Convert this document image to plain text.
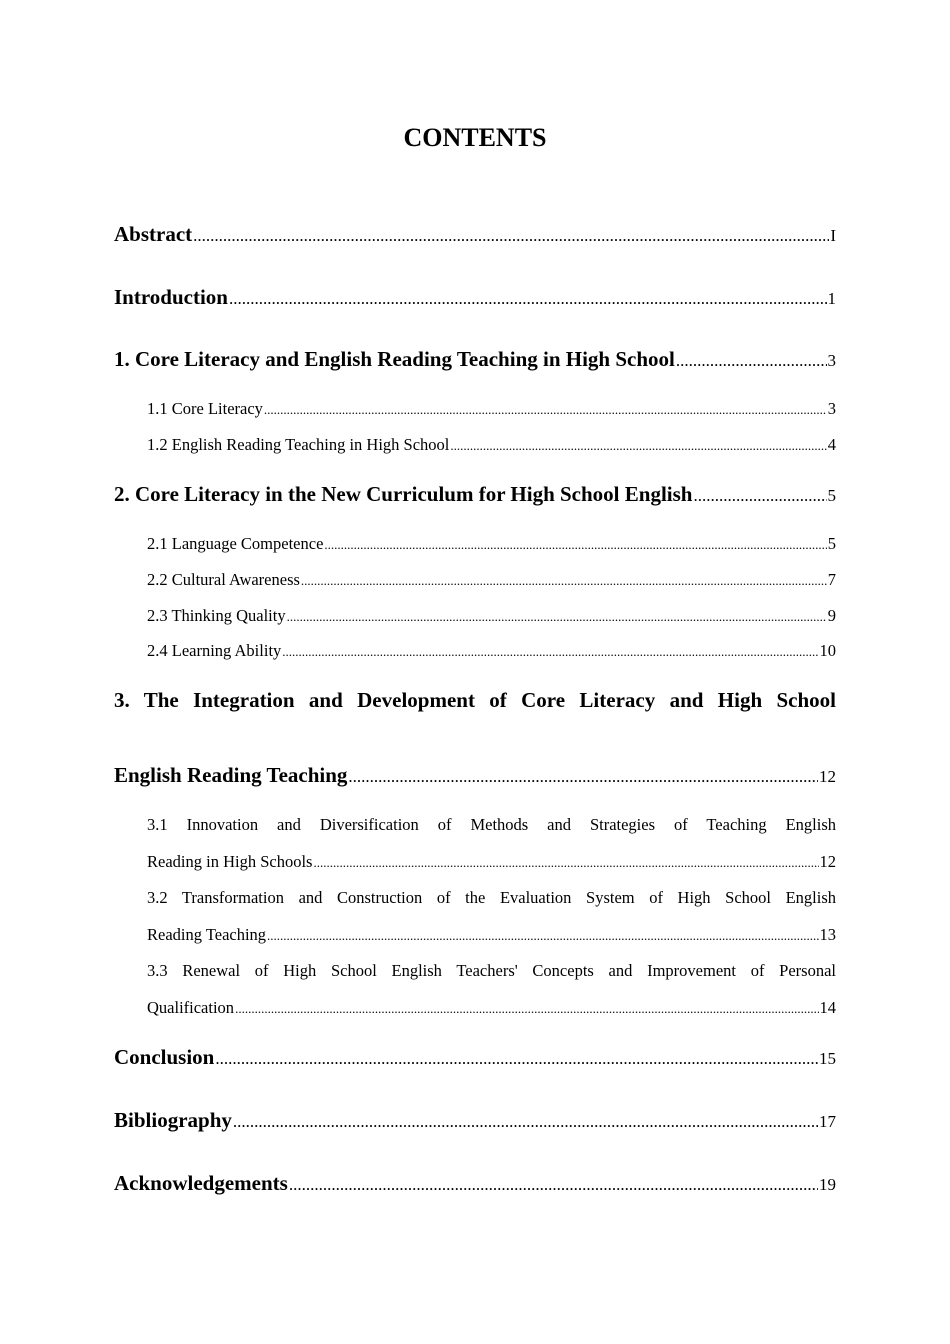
CONTENTS
Abstract .....	I
Introduction .....	1
1. Core Literacy and English Reading Teaching in High School .....	3
1.1 Core Literacy .....	3
1.2 English Reading Teaching in High School .....	4
2. Core Literacy in the New Curriculum for High School English .....	5
2.1 Language Competence .....	5
2.2 Cultural Awareness .....	7
2.3 Thinking Quality .....	9
2.4 Learning Ability .....	10
3. The Integration and Development of Core Literacy and High School
English Reading Teaching .....	12
3.1 Innovation and Diversification of Methods and Strategies of Teaching English
Reading in High Schools .....	12
3.2 Transformation and Construction of the Evaluation System of High School English
Reading Teaching .....	13
3.3 Renewal of High School English Teachers' Concepts and Improvement of Personal
Qualification .....	14
Conclusion .....	15
Bibliography .....	17
Acknowledgements .....	19
